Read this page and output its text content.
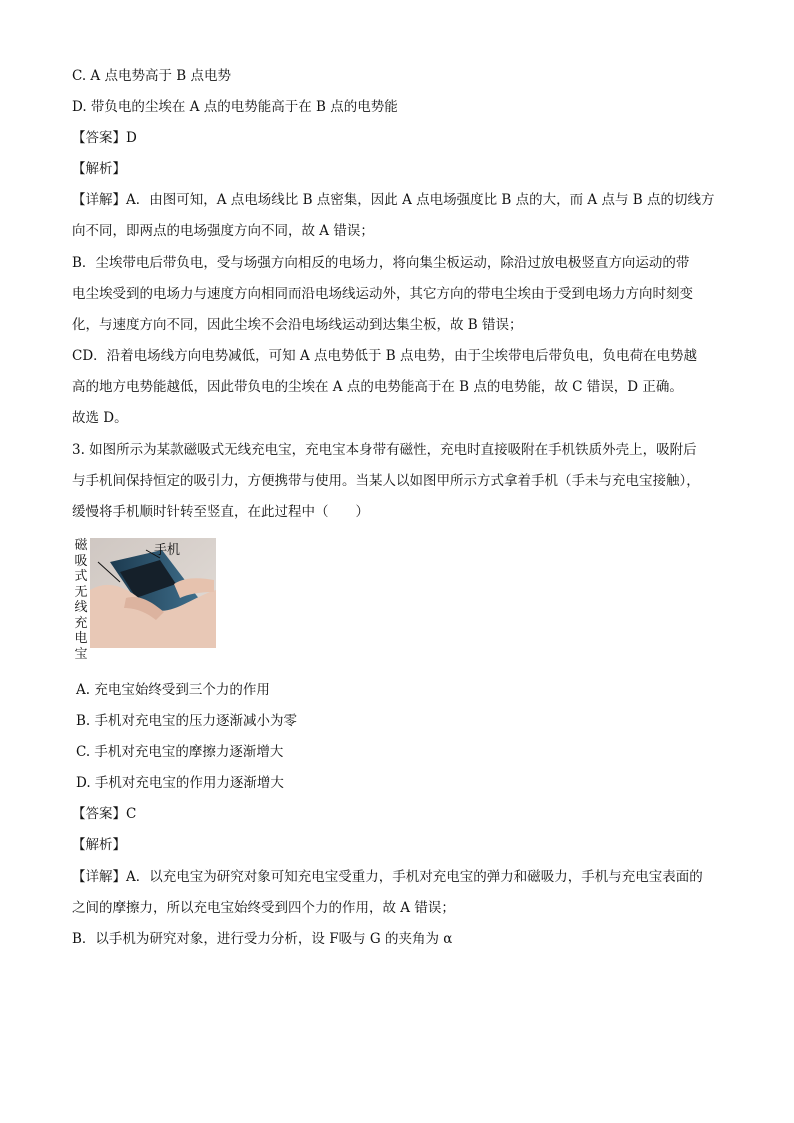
C. A 点电势高于 B 点电势
D. 带负电的尘埃在 A 点的电势能高于在 B 点的电势能
【答案】D
【解析】
【详解】A．由图可知，A 点电场线比 B 点密集，因此 A 点电场强度比 B 点的大，而 A 点与 B 点的切线方
向不同，即两点的电场强度方向不同，故 A 错误；
B．尘埃带电后带负电，受与场强方向相反的电场力，将向集尘板运动，除沿过放电极竖直方向运动的带
电尘埃受到的电场力与速度方向相同而沿电场线运动外，其它方向的带电尘埃由于受到电场力方向时刻变
化，与速度方向不同，因此尘埃不会沿电场线运动到达集尘板，故 B 错误；
CD．沿着电场线方向电势减低，可知 A 点电势低于 B 点电势，由于尘埃带电后带负电，负电荷在电势越
高的地方电势能越低，因此带负电的尘埃在 A 点的电势能高于在 B 点的电势能，故 C 错误，D 正确。
故选 D。
3. 如图所示为某款磁吸式无线充电宝，充电宝本身带有磁性，充电时直接吸附在手机铁质外壳上，吸附后
与手机间保持恒定的吸引力，方便携带与使用。当某人以如图甲所示方式拿着手机（手未与充电宝接触），
缓慢将手机顺时针转至竖直，在此过程中（　　）
磁
吸
式
无
线
充
电
宝
手机
A. 充电宝始终受到三个力的作用
B. 手机对充电宝的压力逐渐减小为零
C. 手机对充电宝的摩擦力逐渐增大
D. 手机对充电宝的作用力逐渐增大
【答案】C
【解析】
【详解】A．以充电宝为研究对象可知充电宝受重力，手机对充电宝的弹力和磁吸力，手机与充电宝表面的
之间的摩擦力，所以充电宝始终受到四个力的作用，故 A 错误；
B．以手机为研究对象，进行受力分析，设 F吸与 G 的夹角为 α
